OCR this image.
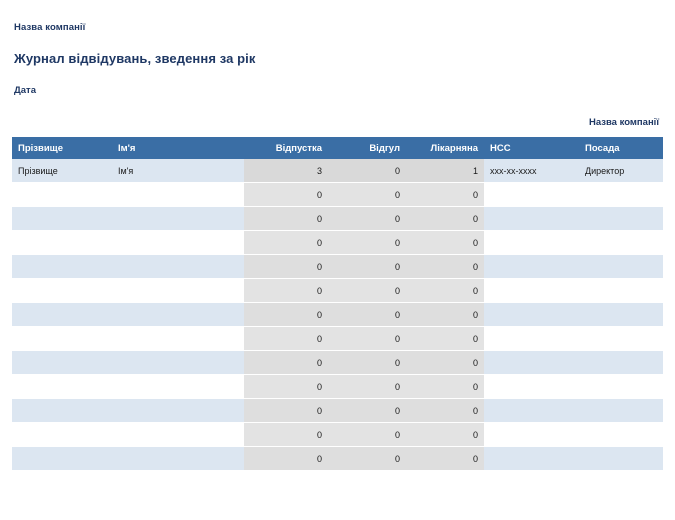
Назва компанії
Журнал відвідувань, зведення за рік
Дата
Назва компанії
Прізвище	Ім'я	Відпустка	Відгул	Лікарняна	НСС	Посада
Прізвище	Ім'я	3	0	1	xxx-xx-xxxx	Директор
		0	0	0		
		0	0	0		
		0	0	0		
		0	0	0		
		0	0	0		
		0	0	0		
		0	0	0		
		0	0	0		
		0	0	0		
		0	0	0		
		0	0	0		
		0	0	0		
